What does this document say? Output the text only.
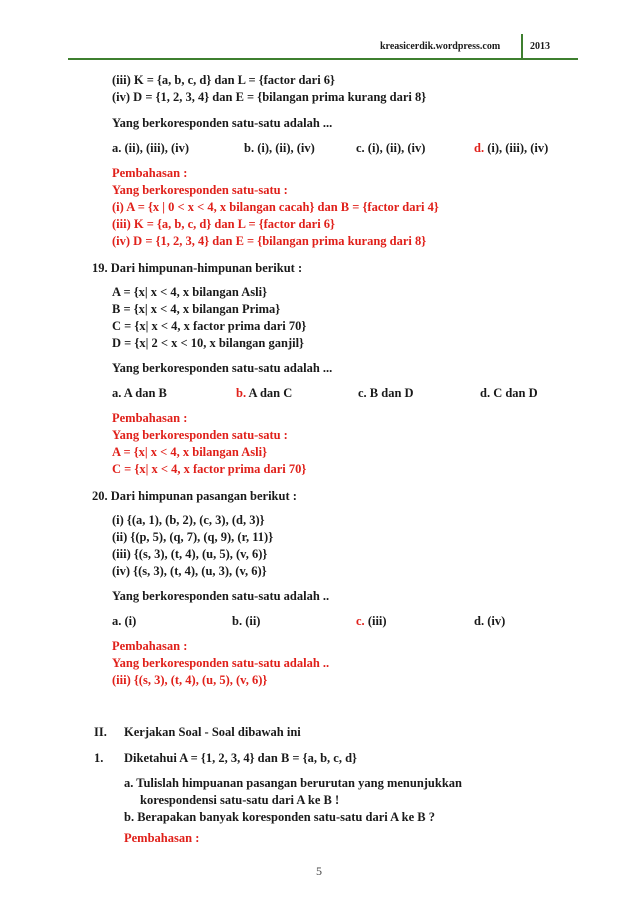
kreasicerdik.wordpress.com	2013
(iii) K = {a, b, c, d} dan L = {factor dari 6}
(iv) D = {1, 2, 3, 4} dan E = {bilangan prima kurang dari 8}
Yang berkoresponden satu-satu adalah ...
a. (ii), (iii), (iv)	b. (i), (ii), (iv)	c. (i), (ii), (iv)	d. (i), (iii), (iv)
Pembahasan :
Yang berkoresponden satu-satu :
(i) A = {x | 0 < x < 4, x bilangan cacah} dan B = {factor dari 4}
(iii) K = {a, b, c, d} dan L = {factor dari 6}
(iv) D = {1, 2, 3, 4} dan E = {bilangan prima kurang dari 8}
19. Dari himpunan-himpunan berikut :
A = {x| x < 4, x bilangan Asli}
B = {x| x < 4, x bilangan Prima}
C = {x| x < 4, x factor prima dari 70}
D = {x| 2 < x < 10, x bilangan ganjil}
Yang berkoresponden satu-satu adalah ...
a. A dan B	b. A dan C	c. B dan D	d. C dan D
Pembahasan :
Yang berkoresponden satu-satu :
A = {x| x < 4, x bilangan Asli}
C = {x| x < 4, x factor prima dari 70}
20. Dari himpunan pasangan berikut :
(i) {(a, 1), (b, 2), (c, 3), (d, 3)}
(ii) {(p, 5), (q, 7), (q, 9), (r, 11)}
(iii) {(s, 3), (t, 4), (u, 5), (v, 6)}
(iv) {(s, 3), (t, 4), (u, 3), (v, 6)}
Yang berkoresponden satu-satu adalah ..
a. (i)	b. (ii)	c. (iii)	d. (iv)
Pembahasan :
Yang berkoresponden satu-satu adalah ..
(iii) {(s, 3), (t, 4), (u, 5), (v, 6)}
II. Kerjakan Soal - Soal dibawah ini
1. Diketahui A = {1, 2, 3, 4} dan B = {a, b, c, d}
a. Tulislah himpuanan pasangan berurutan yang menunjukkan
korespondensi satu-satu dari A ke B !
b. Berapakan banyak koresponden satu-satu dari A ke B ?
Pembahasan :
5
